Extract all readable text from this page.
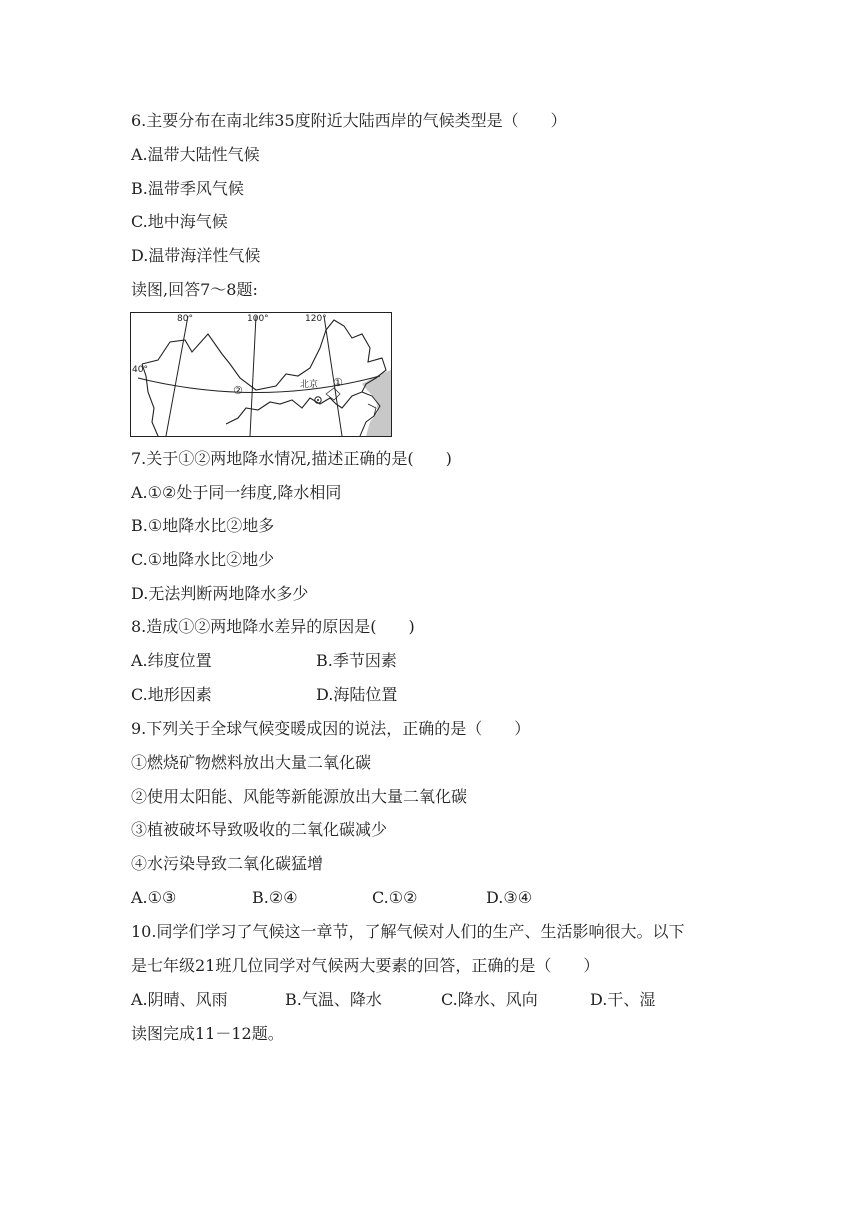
6.主要分布在南北纬35度附近大陆西岸的气候类型是（　　）
A.温带大陆性气候
B.温带季风气候
C.地中海气候
D.温带海洋性气候
读图,回答7～8题:
80°	100°	120°
40°
北京 ①
②
7.关于①②两地降水情况,描述正确的是(　　)
A.①②处于同一纬度,降水相同
B.①地降水比②地多
C.①地降水比②地少
D.无法判断两地降水多少
8.造成①②两地降水差异的原因是(　　)
A.纬度位置	B.季节因素
C.地形因素	D.海陆位置
9.下列关于全球气候变暖成因的说法，正确的是（　　）
①燃烧矿物燃料放出大量二氧化碳
②使用太阳能、风能等新能源放出大量二氧化碳
③植被破坏导致吸收的二氧化碳减少
④水污染导致二氧化碳猛增
A.①③	B.②④	C.①②	D.③④
10.同学们学习了气候这一章节，了解气候对人们的生产、生活影响很大。以下
是七年级21班几位同学对气候两大要素的回答，正确的是（　　）
A.阴晴、风雨	B.气温、降水	C.降水、风向	D.干、湿
读图完成11－12题。
